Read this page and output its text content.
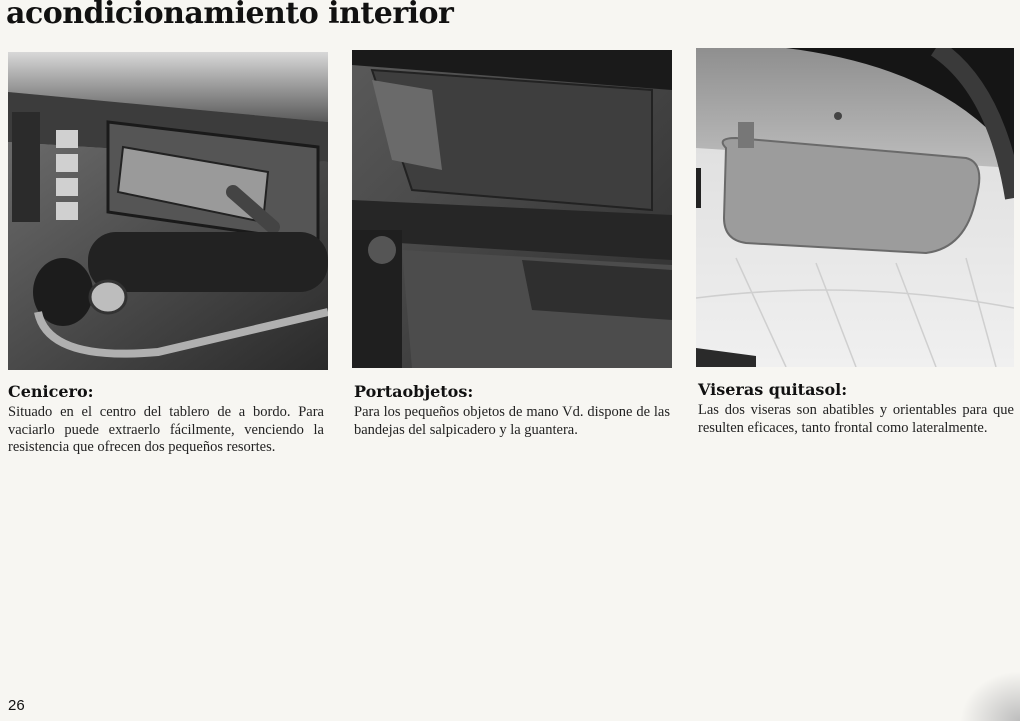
acondicionamiento interior
Cenicero:

Situado en el centro del tablero de a bordo. Para vaciarlo puede extraerlo fácilmente, venciendo la resistencia que ofrecen dos pequeños resortes.

Portaobjetos:

Para los pequeños objetos de mano Vd. dispone de las bandejas del salpicadero y la guantera.

Viseras quitasol:

Las dos viseras son abatibles y orientables para que resulten eficaces, tanto frontal como lateralmente.

26
